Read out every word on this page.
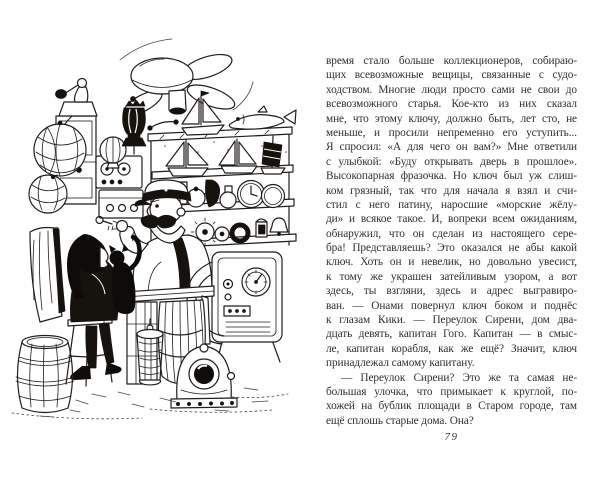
время стало больше коллекционеров, собираю-
щих всевозможные вещицы, связанные с судо-
ходством. Многие люди просто сами не свои до
всевозможного старья. Кое-кто из них сказал
мне, что этому ключу, должно быть, лет сто, не
меньше, и просили непременно его уступить...
Я спросил: «А для чего он вам?» Мне ответили
с улыбкой: «Буду открывать дверь в прошлое».
Высокопарная фразочка. Но ключ был уж слиш-
ком грязный, так что для начала я взял и счи-
стил с него патину, наросшие «морские жёлу-
ди» и всякое такое. И, вопреки всем ожиданиям,
обнаружил, что он сделан из настоящего сере-
бра! Представляешь? Это оказался не абы какой
ключ. Хоть он и невелик, но довольно увесист,
к тому же украшен затейливым узором, а вот
здесь, ты взгляни, здесь и адрес выгравиро-
ван. — Онами повернул ключ боком и поднёс
к глазам Кики. — Переулок Сирени, дом два-
дцать девять, капитан Гого. Капитан — в смыс-
ле, капитан корабля, как же ещё? Значит, ключ
принадлежал самому капитану.
— Переулок Сирени? Это же та самая не-
большая улочка, что примыкает к круглой, по-
хожей на бублик площади в Старом городе, там
ещё сплошь старые дома. Она?
79
